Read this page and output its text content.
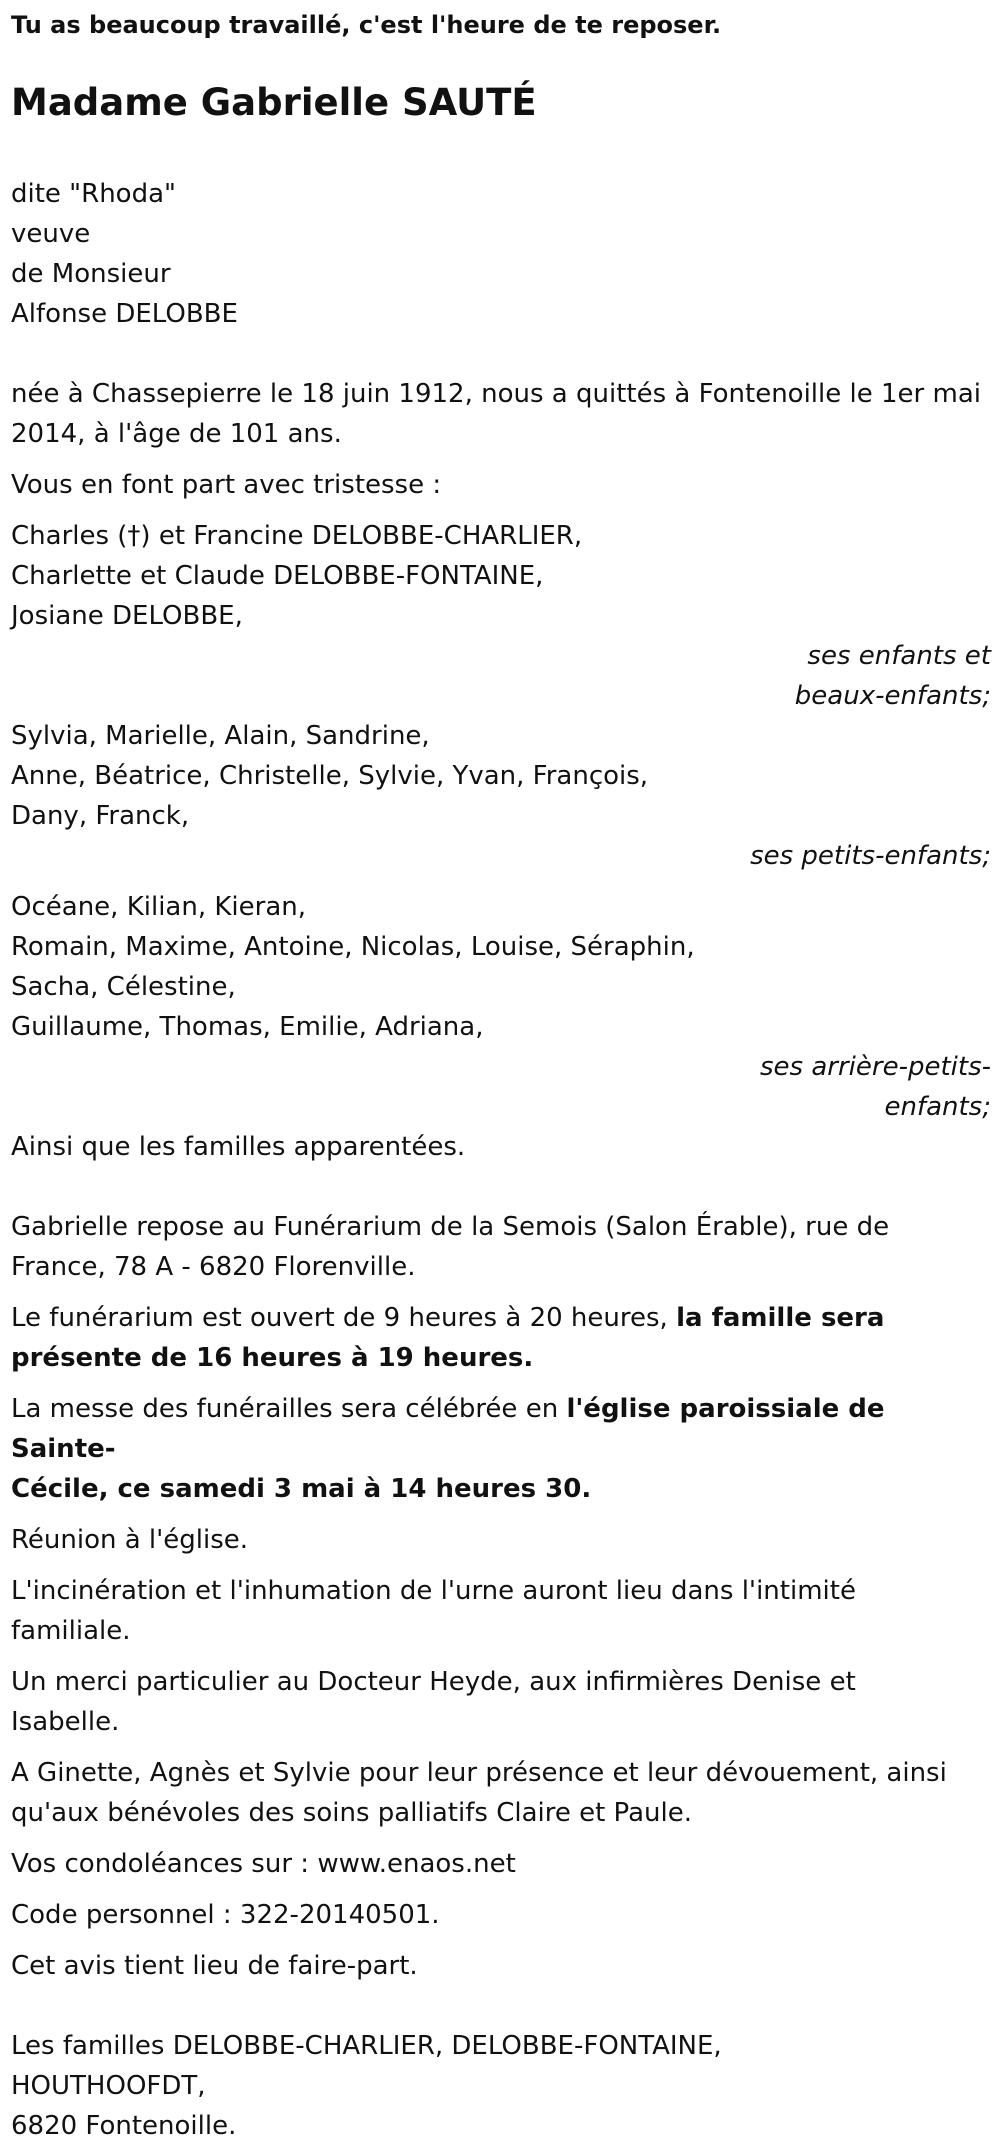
Tu as beaucoup travaillé, c'est l'heure de te reposer.

Madame Gabrielle SAUTÉ

dite "Rhoda"

veuve

de Monsieur

Alfonse DELOBBE

née à Chassepierre le 18 juin 1912, nous a quittés à Fontenoille le 1er mai

2014, à l'âge de 101 ans.

Vous en font part avec tristesse :

Charles (†) et Francine DELOBBE-CHARLIER,

Charlette et Claude DELOBBE-FONTAINE,

Josiane DELOBBE,

ses enfants et

beaux-enfants;

Sylvia, Marielle, Alain, Sandrine,

Anne, Béatrice, Christelle, Sylvie, Yvan, François,

Dany, Franck,

ses petits-enfants;

Océane, Kilian, Kieran,

Romain, Maxime, Antoine, Nicolas, Louise, Séraphin,

Sacha, Célestine,

Guillaume, Thomas, Emilie, Adriana,

ses arrière-petits-

enfants;

Ainsi que les familles apparentées.

Gabrielle repose au Funérarium de la Semois (Salon Érable), rue de

France, 78 A - 6820 Florenville.

Le funérarium est ouvert de 9 heures à 20 heures, la famille sera

présente de 16 heures à 19 heures.

La messe des funérailles sera célébrée en l'église paroissiale de Sainte-

Cécile, ce samedi 3 mai à 14 heures 30.

Réunion à l'église.

L'incinération et l'inhumation de l'urne auront lieu dans l'intimité

familiale.

Un merci particulier au Docteur Heyde, aux infirmières Denise et

Isabelle.

A Ginette, Agnès et Sylvie pour leur présence et leur dévouement, ainsi

qu'aux bénévoles des soins palliatifs Claire et Paule.

Vos condoléances sur : www.enaos.net

Code personnel : 322-20140501.

Cet avis tient lieu de faire-part.

Les familles DELOBBE-CHARLIER, DELOBBE-FONTAINE,

HOUTHOOFDT,

6820 Fontenoille.
